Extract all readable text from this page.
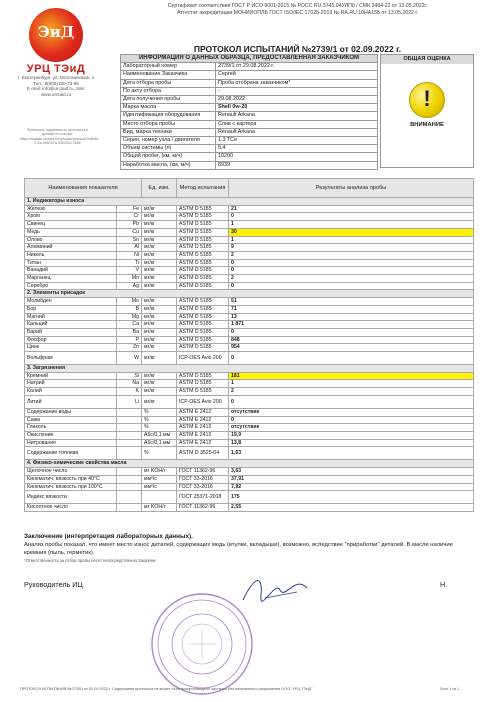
Сертификат соответствия ГОСТ Р ИСО 9001-2015 № РОСС RU.3745.04УЛП0 / СМК.2484-22 от 13.05.2022г.
Аттестат аккредитации МОНИИОПЛБ ГОСТ ISO/IEC 17025-2019 № RA.RU.10НА155 от 13.05.2022 г.
ЭиД
УРЦ ТЭиД
г. Екатеринбург, ул. Монтажников, 4
Тел.: 8(800)100-73-96
E-mail: info@urctaid.ru, Site: www.urctaid.ru
Проверить подлинность протокола и данные по ссылке: https://maslan.urctaid.ru/uploads/protocol/2c8b81-0-2a-446f-97a-93b2f5c72b6e
ПРОТОКОЛ ИСПЫТАНИЙ №2739/1 от 02.09.2022 г.
ИНФОРМАЦИЯ О ДАННЫХ ОБРАЗЦА, ПРЕДОСТАВЛЕННАЯ ЗАКАЗЧИКОМ	
Лабораторный номер	2739/1 от 29.08.2022 г.
Наименование Заказчика	Сергей
Дата отбора пробы	Проба отобрана заказчиком*
По акту отбора	-
Дата получения пробы	29.08.2022
Марка масла	Shell 0w-20
Идентификация оборудования	Renault Arkana
Место отбора пробы	Слив с картера
Вид, марка техники	Renault Arkana
Серия, номер узла / двигателя	1.3 TCe
Объем системы (л)	5,4
Общий пробег, (км, м/ч)	10200
Наработка масла, (км, м/ч)	8939
ОБЩАЯ ОЦЕНКА
!
ВНИМАНИЕ
Наименования показателя		Ед. изм.	Метод испытания	Результаты анализа пробы
1. Индикаторы износа				
Железо	Fe	мг/кг	ASTM D 5185	21
Хром	Cr	мг/кг	ASTM D 5185	0
Свинец	Pb	мг/кг	ASTM D 5185	1
Медь	Cu	мг/кг	ASTM D 5185	30
Олово	Sn	мг/кг	ASTM D 5185	1
Алюминий	Al	мг/кг	ASTM D 5185	9
Никель	Ni	мг/кг	ASTM D 5185	2
Титан	Ti	мг/кг	ASTM D 5185	0
Ванадий	V	мг/кг	ASTM D 5185	0
Марганец	Mn	мг/кг	ASTM D 5185	2
Серебро	Ag	мг/кг	ASTM D 5185	0
2. Элементы присадок				
Молибден	Mo	мг/кг	ASTM D 5185	51
Бор	B	мг/кг	ASTM D 5185	71
Магний	Mg	мг/кг	ASTM D 5185	13
Кальций	Ca	мг/кг	ASTM D 5185	1 871
Барий	Ba	мг/кг	ASTM D 5185	0
Фосфор	P	мг/кг	ASTM D 5185	848
Цинк	Zn	мг/кг	ASTM D 5185	954
Вольфрам	W	мг/кг	ICP-OES Avio 200	0
3. Загрязнения				
Кремний	Si	мг/кг	ASTM D 5185	181
Натрий	Na	мг/кг	ASTM D 5185	1
Калий	K	мг/кг	ASTM D 5185	2
Литий	Li	мг/кг	ICP-OES Avio 200	0
Содержание воды		%	ASTM E 2412	отсутствие
Сажа		%	ASTM E 2412	0
Гликоль		%	ASTM E 2412	отсутствие
Окисление		A6c/0,1 мм	ASTM E 2412	19,9
Нитрование		A6c/0,1 мм	ASTM E 2412	13,8
Содержание топлива		%	ASTM D 3525-04	1,63
4. Физико-химические свойства масла				
Щелочное число		мг KOH/г	ГОСТ 11362-96	3,63
Кинематич. вязкость при 40°C		мм²/с	ГОСТ 33-2016	37,91
Кинематич. вязкость при 100°C		мм²/с	ГОСТ 33-2016	7,92
Индекс вязкости			ГОСТ 25371-2018	175
Кислотное число		мг KOH/г	ГОСТ 11362-96	2,55
Заключение (интерпретация лабораторных данных).
Анализ пробы показал, что имеет место износ деталей, содержащих медь (втулки, вкладыши), возможно, вследствие "приработки" деталей. В масле наличие кремния (пыль, герметик).
*Ответственность за отбор пробы несет непосредственно Заказчик
Руководитель ИЦ	Н.
ПРОТОКОЛ ИСПЫТАНИЙ №2739/1 от 02.09.2022 г. Содержание протокола не может быть воспроизведено частично без письменного разрешения ООО "УРЦ ТЭиД"	Лист 1 из 1
